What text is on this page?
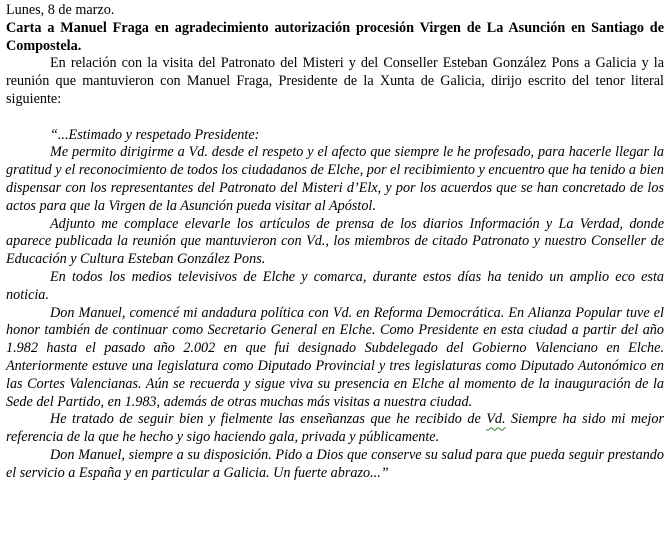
Lunes, 8 de marzo.

Carta a Manuel Fraga en agradecimiento autorización procesión Virgen de La Asunción en Santiago de Compostela.

En relación con la visita del Patronato del Misteri y del Conseller Esteban González Pons a Galicia y la reunión que mantuvieron con Manuel Fraga, Presidente de la Xunta de Galicia, dirijo escrito del tenor literal siguiente:

“...Estimado y respetado Presidente:

Me permito dirigirme a Vd. desde el respeto y el afecto que siempre le he profesado, para hacerle llegar la gratitud y el reconocimiento de todos los ciudadanos de Elche, por el recibimiento y encuentro que ha tenido a bien dispensar con los representantes del Patronato del Misteri d’Elx, y por los acuerdos que se han concretado de los actos para que la Virgen de la Asunción pueda visitar al Apóstol.

Adjunto me complace elevarle los artículos de prensa de los diarios Información y La Verdad, donde aparece publicada la reunión que mantuvieron con Vd., los miembros de citado Patronato y nuestro Conseller de Educación y Cultura Esteban González Pons.

En todos los medios televisivos de Elche y comarca, durante estos días ha tenido un amplio eco esta noticia.

Don Manuel, comencé mi andadura política con Vd. en Reforma Democrática. En Alianza Popular tuve el honor también de continuar como Secretario General en Elche. Como Presidente en esta ciudad a partir del año 1.982 hasta el pasado año 2.002 en que fui designado Subdelegado del Gobierno Valenciano en Elche. Anteriormente estuve una legislatura como Diputado Provincial y tres legislaturas como Diputado Autonómico en las Cortes Valencianas. Aún se recuerda y sigue viva su presencia en Elche al momento de la inauguración de la Sede del Partido, en 1.983, además de otras muchas más visitas a nuestra ciudad.

He tratado de seguir bien y fielmente las enseñanzas que he recibido de Vd. Siempre ha sido mi mejor referencia de la que he hecho y sigo haciendo gala, privada y públicamente.

Don Manuel, siempre a su disposición. Pido a Dios que conserve su salud para que pueda seguir prestando el servicio a España y en particular a Galicia. Un fuerte abrazo...”
